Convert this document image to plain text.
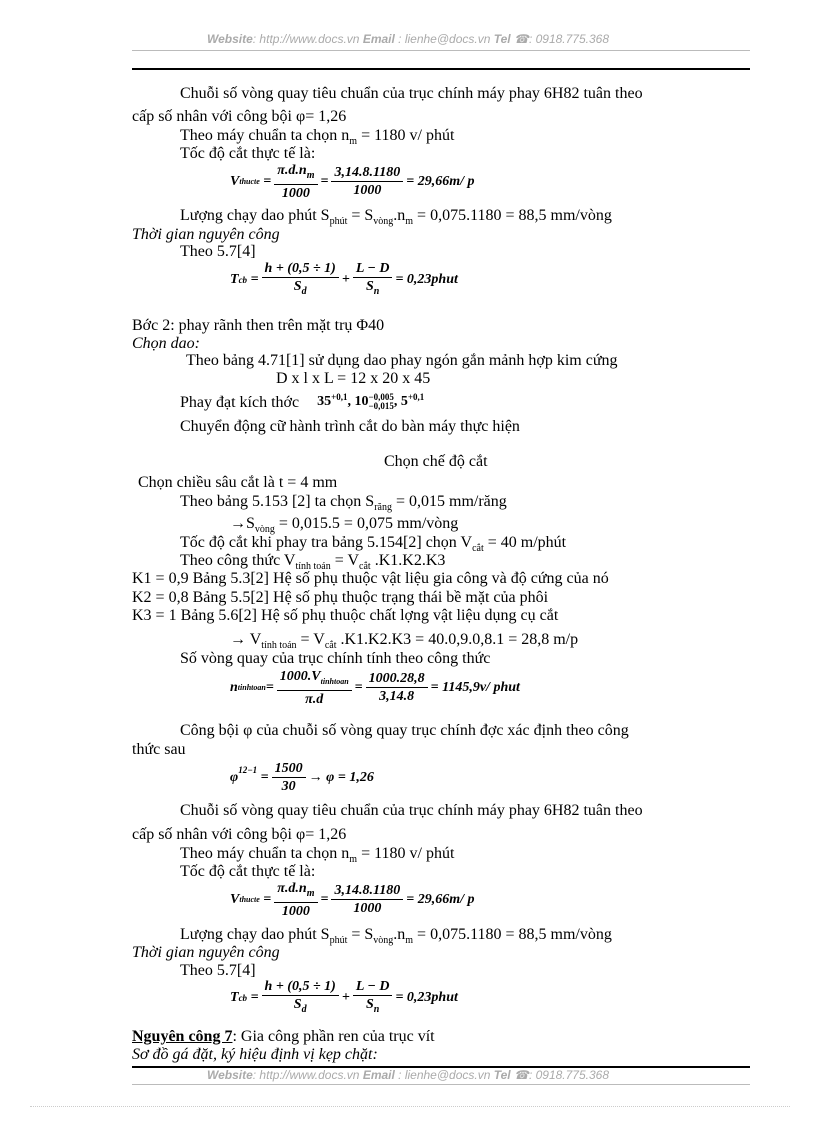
Website: http://www.docs.vn Email : lienhe@docs.vn Tel ☎: 0918.775.368
Chuỗi số vòng quay tiêu chuẩn của trục chính máy phay 6H82 tuân theo
cấp số nhân với công bội φ= 1,26
Theo máy chuẩn ta chọn $n_m = 1180$ v/ phút
Tốc độ cắt thực tế là:
V thucte = $\frac{\pi.d.n_m}{1000} = \frac{3,14.8.1180}{1000} = 29,66m/$ p
Lượng chạy dao phút $S_{phút} = S_{vòng}.n_m = 0,075.1180 = 88,5$ mm/vòng
Thời gian nguyên công
Theo 5.7[4]
T cb = $\frac{h + (0,5 \div 1)}{S_d} + \frac{L - D}{S_n}$ = 0,23phut
Bớc 2: phay rãnh then trên mặt trụ Φ40
Chọn dao:
Theo bảng 4.71[1] sử dụng dao phay ngón gắn mảnh hợp kim cứng
D x l x L = 12 x 20 x 45
Phay đạt kích thớc $35^{+0,1}$ , 10 −0,005
−0,015 , $5^{+0,1}$
Chuyển động cữ hành trình cắt do bàn máy thực hiện
Chọn chế độ cắt
Chọn chiều sâu cắt là t = 4 mm
Theo bảng 5.153 [2] ta chọn $S_{răng} = 0,015$ mm/răng
$\to S_{vòng} = 0,015.5 = 0,075$ mm/vòng
Tốc độ cắt khi phay tra bảng 5.154[2] chọn $V_{cắt} = 40$ m/phút
Theo công thức $V_{tính toán} = V_{cắt}$ .K1.K2.K3
K1 = 0,9 Bảng 5.3[2] Hệ số phụ thuộc vật liệu gia công và độ cứng của nó
K2 = 0,8 Bảng 5.5[2] Hệ số phụ thuộc trạng thái bề mặt của phôi
K3 = 1 Bảng 5.6[2] Hệ số phụ thuộc chất lợng vật liệu dụng cụ cắt
→ $V_{tính toán} = V_{cắt}$ .K1.K2.K3 = 40.0,9.0,8.1 = 28,8 m/p
Số vòng quay của trục chính tính theo công thức
n tinhtoan = $\frac{1000.V_{tinhtoan}}{\pi.d} = \frac{1000.28,8}{3,14.8} = 1145,9v/$ phut
Công bội φ của chuỗi số vòng quay trục chính đợc xác định theo công
thức sau
$\varphi^{12-1} = \frac{1500}{30} \to \varphi = 1,26$
Chuỗi số vòng quay tiêu chuẩn của trục chính máy phay 6H82 tuân theo
cấp số nhân với công bội φ= 1,26
Theo máy chuẩn ta chọn $n_m = 1180$ v/ phút
Tốc độ cắt thực tế là:
V thucte = $\frac{\pi.d.n_m}{1000} = \frac{3,14.8.1180}{1000} = 29,66m/$ p
Lượng chạy dao phút $S_{phút} = S_{vòng}.n_m = 0,075.1180 = 88,5$ mm/vòng
Thời gian nguyên công
Theo 5.7[4]
T cb = $\frac{h + (0,5 \div 1)}{S_d} + \frac{L - D}{S_n}$ = 0,23phut
Nguyên công 7: Gia công phần ren của trục vít
Sơ đồ gá đặt, ký hiệu định vị kẹp chặt:
Website: http://www.docs.vn Email : lienhe@docs.vn Tel ☎: 0918.775.368
